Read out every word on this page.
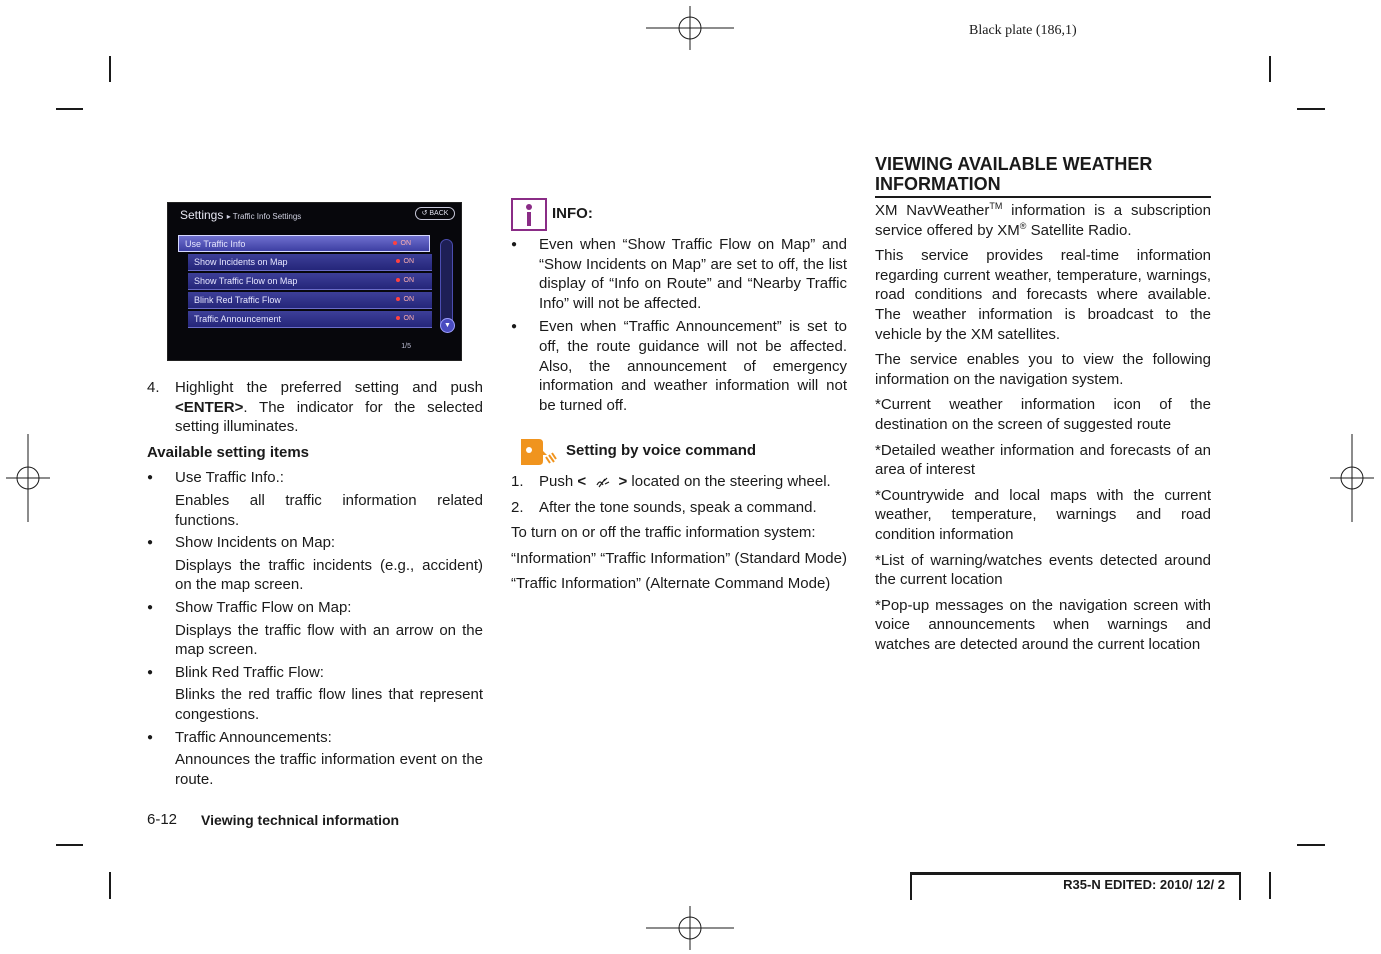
Black plate (186,1)
Settings ▸ Traffic Info Settings	↺ BACK
Use Traffic Info	ON
Show Incidents on Map	ON
Show Traffic Flow on Map	ON
Blink Red Traffic Flow	ON
Traffic Announcement	ON
▼
1/5
4. Highlight the preferred setting and push <ENTER>. The indicator for the selected setting illuminates.
Available setting items
● Use Traffic Info.:
Enables all traffic information related functions.
● Show Incidents on Map:
Displays the traffic incidents (e.g., accident) on the map screen.
● Show Traffic Flow on Map:
Displays the traffic flow with an arrow on the map screen.
● Blink Red Traffic Flow:
Blinks the red traffic flow lines that represent congestions.
● Traffic Announcements:
Announces the traffic information event on the route.
INFO:
● Even when “Show Traffic Flow on Map” and “Show Incidents on Map” are set to off, the list display of “Info on Route” and “Nearby Traffic Info” will not be affected.
● Even when “Traffic Announcement” is set to off, the route guidance will not be affected. Also, the announcement of emergency information and weather information will not be turned off.
Setting by voice command
1. Push < > located on the steering wheel.
2. After the tone sounds, speak a command.

To turn on or off the traffic information system:

“Information” “Traffic Information” (Standard Mode)

“Traffic Information” (Alternate Command Mode)

VIEWING AVAILABLE WEATHER
INFORMATION

XM NavWeather™ information is a subscription service offered by XM® Satellite Radio.

This service provides real-time information regarding current weather, temperature, warnings, road conditions and forecasts where available. The weather information is broadcast to the vehicle by the XM satellites.

The service enables you to view the following information on the navigation system.

*Current weather information icon of the destination on the screen of suggested route

*Detailed weather information and forecasts of an area of interest

*Countrywide and local maps with the current weather, temperature, warnings and road condition information

*List of warning/watches events detected around the current location

*Pop-up messages on the navigation screen with voice announcements when warnings and watches are detected around the current location

6-12 Viewing technical information
R35-N EDITED: 2010/ 12/ 2
